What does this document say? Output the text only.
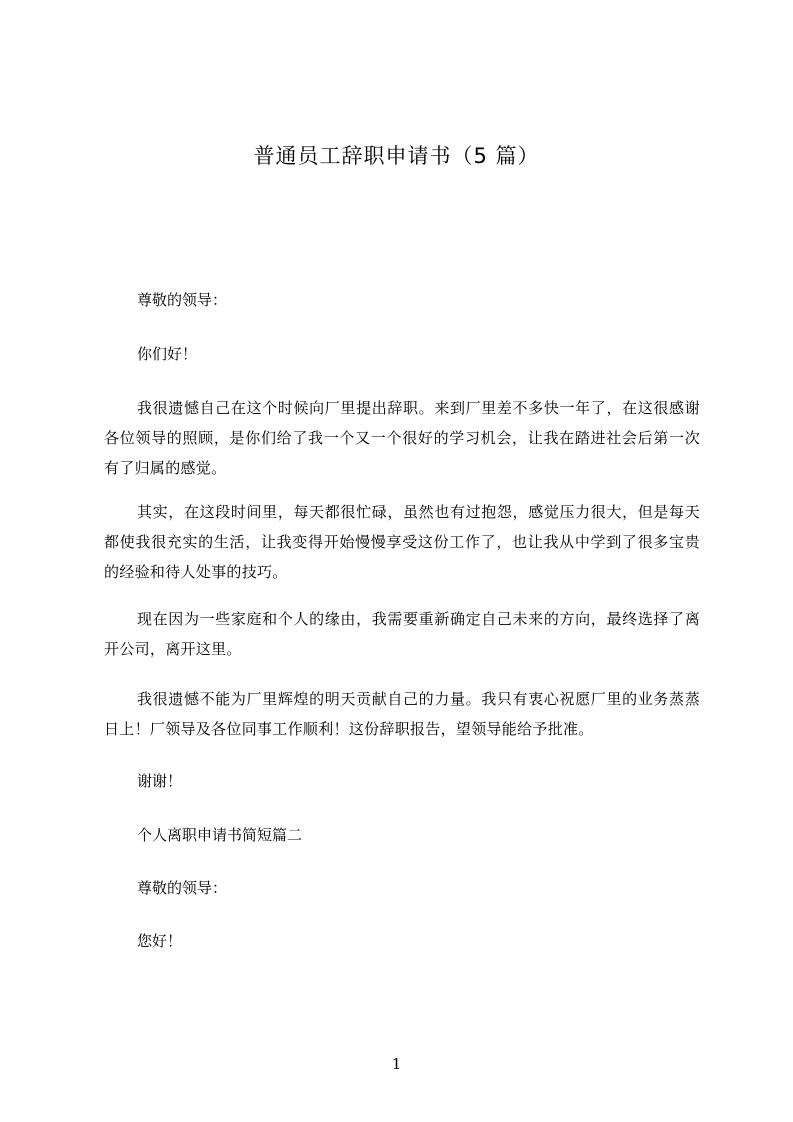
普通员工辞职申请书（5 篇）

尊敬的领导：

你们好！

我很遗憾自己在这个时候向厂里提出辞职。来到厂里差不多快一年了，在这很感谢各位领导的照顾，是你们给了我一个又一个很好的学习机会，让我在踏进社会后第一次有了归属的感觉。

其实，在这段时间里，每天都很忙碌，虽然也有过抱怨，感觉压力很大，但是每天都使我很充实的生活，让我变得开始慢慢享受这份工作了，也让我从中学到了很多宝贵的经验和待人处事的技巧。

现在因为一些家庭和个人的缘由，我需要重新确定自己未来的方向，最终选择了离开公司，离开这里。

我很遗憾不能为厂里辉煌的明天贡献自己的力量。我只有衷心祝愿厂里的业务蒸蒸日上！厂领导及各位同事工作顺利！这份辞职报告，望领导能给予批准。

谢谢！

个人离职申请书简短篇二

尊敬的领导：

您好！

1
